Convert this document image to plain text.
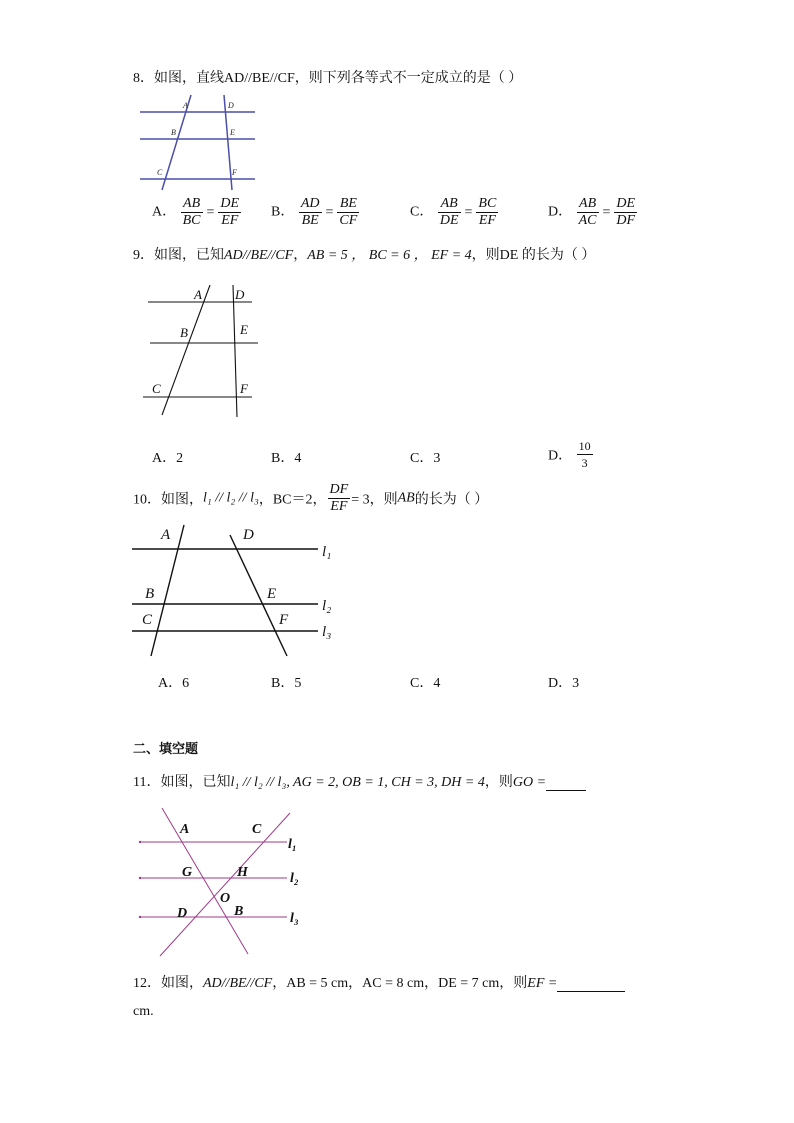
8．如图，直线AD//BE//CF，则下列各等式不一定成立的是（ ）
A	D
B	E
C	F
A． $\frac{AB}{BC} = \frac{DE}{EF}$ B． $\frac{AD}{BE} = \frac{BE}{CF}$	C． $\frac{AB}{DE} = \frac{BC}{EF}$	D． $\frac{AB}{AC} = \frac{DE}{DF}$
9．如图，已知AD//BE//CF，AB = 5 ， BC = 6 ， EF = 4，则DE 的长为（ ）
A	D
B	E
C	F
A．2	B．4	C．3	D． $\frac{10}{3}$
10．如图，l₁ // l₂ // l₃，BC＝2， $\frac{DF}{EF} = 3$，则AB的长为（ ）
A	D
l₁
B	E
l₂
C	F
l₃
A．6	B．5	C．4	D．3
二、填空题
11．如图，已知l₁ // l₂ // l₃, AG = 2, OB = 1, CH = 3, DH = 4，则GO =
A	C
l₁
G	H	l₂
O
D	B	l₃
12．如图，AD//BE//CF，AB = 5 cm，AC = 8 cm，DE = 7 cm，则EF =
cm.
